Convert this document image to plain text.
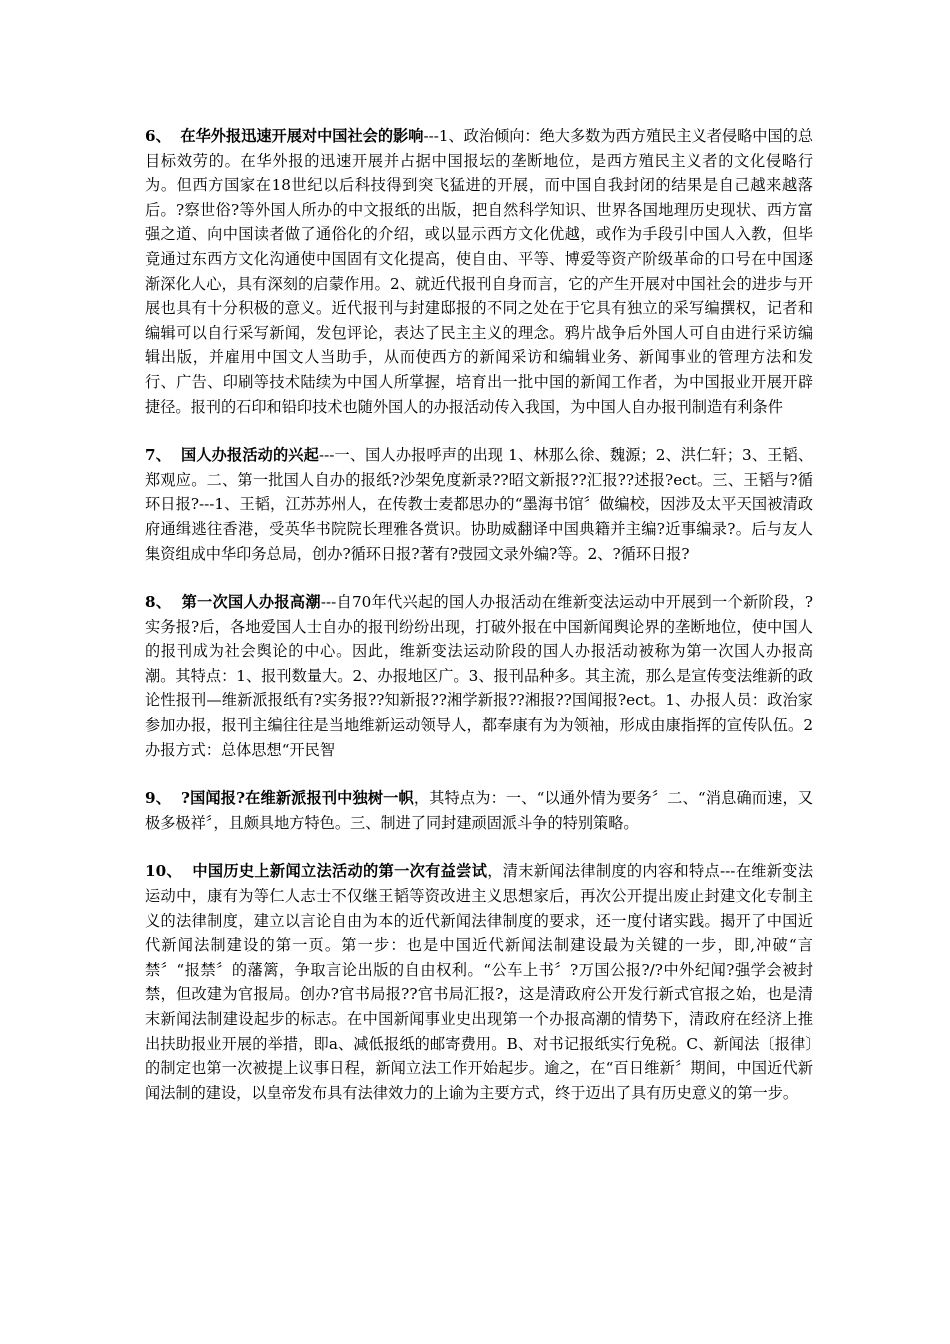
6、 在华外报迅速开展对中国社会的影响---1、政治倾向：绝大多数为西方殖民主义者侵略中国的总目标效劳的。在华外报的迅速开展并占据中国报坛的垄断地位，是西方殖民主义者的文化侵略行为。但西方国家在18世纪以后科技得到突飞猛进的开展，而中国自我封闭的结果是自己越来越落后。?察世俗?等外国人所办的中文报纸的出版，把自然科学知识、世界各国地理历史现状、西方富强之道、向中国读者做了通俗化的介绍，或以显示西方文化优越，或作为手段引中国人入教，但毕竟通过东西方文化沟通使中国固有文化提高，使自由、平等、博爱等资产阶级革命的口号在中国逐渐深化人心，具有深刻的启蒙作用。2、就近代报刊自身而言，它的产生开展对中国社会的进步与开展也具有十分积极的意义。近代报刊与封建邸报的不同之处在于它具有独立的采写编撰权，记者和编辑可以自行采写新闻，发包评论，表达了民主主义的理念。鸦片战争后外国人可自由进行采访编辑出版，并雇用中国文人当助手，从而使西方的新闻采访和编辑业务、新闻事业的管理方法和发行、广告、印刷等技术陆续为中国人所掌握，培育出一批中国的新闻工作者，为中国报业开展开辟捷径。报刊的石印和铅印技术也随外国人的办报活动传入我国，为中国人自办报刊制造有利条件

7、 国人办报活动的兴起---一、国人办报呼声的出现 1、林那么徐、魏源；2、洪仁轩；3、王韬、郑观应。二、第一批国人自办的报纸?沙架免度新录??昭文新报??汇报??述报?ect。三、王韬与?循环日报?---1、王韬，江苏苏州人，在传教士麦都思办的“墨海书馆〞做编校，因涉及太平天国被清政府通缉逃往香港，受英华书院院长理雅各赏识。协助威翻译中国典籍并主编?近事编录?。后与友人集资组成中华印务总局，创办?循环日报?著有?弢园文录外编?等。2、?循环日报?

8、 第一次国人办报高潮---自70年代兴起的国人办报活动在维新变法运动中开展到一个新阶段，?实务报?后，各地爱国人士自办的报刊纷纷出现，打破外报在中国新闻舆论界的垄断地位，使中国人的报刊成为社会舆论的中心。因此，维新变法运动阶段的国人办报活动被称为第一次国人办报高潮。其特点：1、报刊数量大。2、办报地区广。3、报刊品种多。其主流，那么是宣传变法维新的政论性报刊—维新派报纸有?实务报??知新报??湘学新报??湘报??国闻报?ect。1、办报人员：政治家参加办报，报刊主编往往是当地维新运动领导人，都奉康有为为领袖，形成由康指挥的宣传队伍。2办报方式：总体思想“开民智

9、 ?国闻报?在维新派报刊中独树一帜，其特点为：一、“以通外情为要务〞二、“消息确而速，又极多极祥〞，且颇具地方特色。三、制进了同封建顽固派斗争的特别策略。

10、 中国历史上新闻立法活动的第一次有益尝试，清末新闻法律制度的内容和特点---在维新变法运动中，康有为等仁人志士不仅继王韬等资改进主义思想家后，再次公开提出废止封建文化专制主义的法律制度，建立以言论自由为本的近代新闻法律制度的要求，还一度付诸实践。揭开了中国近代新闻法制建设的第一页。第一步：也是中国近代新闻法制建设最为关键的一步，即,冲破“言禁〞“报禁〞的藩篱，争取言论出版的自由权利。“公车上书〞?万国公报?/?中外纪闻?强学会被封禁，但改建为官报局。创办?官书局报??官书局汇报?，这是清政府公开发行新式官报之始，也是清末新闻法制建设起步的标志。在中国新闻事业史出现第一个办报高潮的情势下，清政府在经济上推出扶助报业开展的举措，即a、减低报纸的邮寄费用。B、对书记报纸实行免税。C、新闻法〔报律〕的制定也第一次被提上议事日程，新闻立法工作开始起步。逾之，在“百日维新〞期间，中国近代新闻法制的建设，以皇帝发布具有法律效力的上谕为主要方式，终于迈出了具有历史意义的第一步。
